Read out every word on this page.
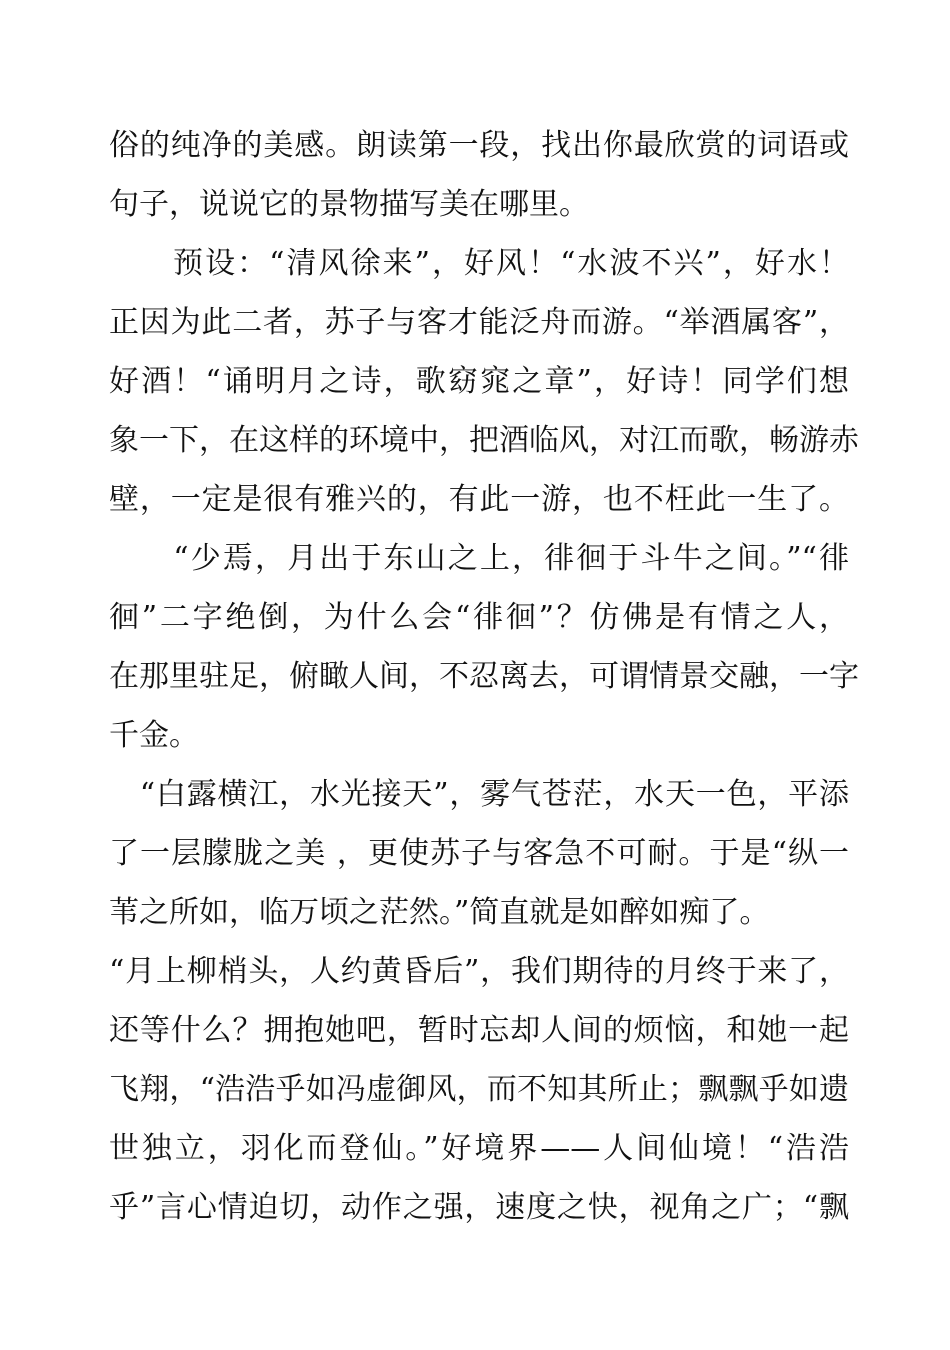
俗的纯净的美感。朗读第一段，找出你最欣赏的词语或
句子，说说它的景物描写美在哪里。
　　预设：“清风徐来”，好风！“水波不兴”，好水！
正因为此二者，苏子与客才能泛舟而游。“举酒属客”，
好酒！“诵明月之诗，歌窈窕之章”，好诗！同学们想
象一下，在这样的环境中，把酒临风，对江而歌，畅游赤
壁，一定是很有雅兴的，有此一游，也不枉此一生了。
　　“少焉，月出于东山之上，徘徊于斗牛之间。”“徘
徊”二字绝倒，为什么会“徘徊”？仿佛是有情之人，
在那里驻足，俯瞰人间，不忍离去，可谓情景交融，一字
千金。
　“白露横江，水光接天”，雾气苍茫，水天一色，平添
了一层朦胧之美 ，更使苏子与客急不可耐。于是“纵一
苇之所如，临万顷之茫然。”简直就是如醉如痴了。
“月上柳梢头，人约黄昏后”，我们期待的月终于来了，
还等什么？拥抱她吧，暂时忘却人间的烦恼，和她一起
飞翔，“浩浩乎如冯虚御风，而不知其所止；飘飘乎如遗
世独立，羽化而登仙。”好境界——人间仙境！“浩浩
乎”言心情迫切，动作之强，速度之快，视角之广；“飘
